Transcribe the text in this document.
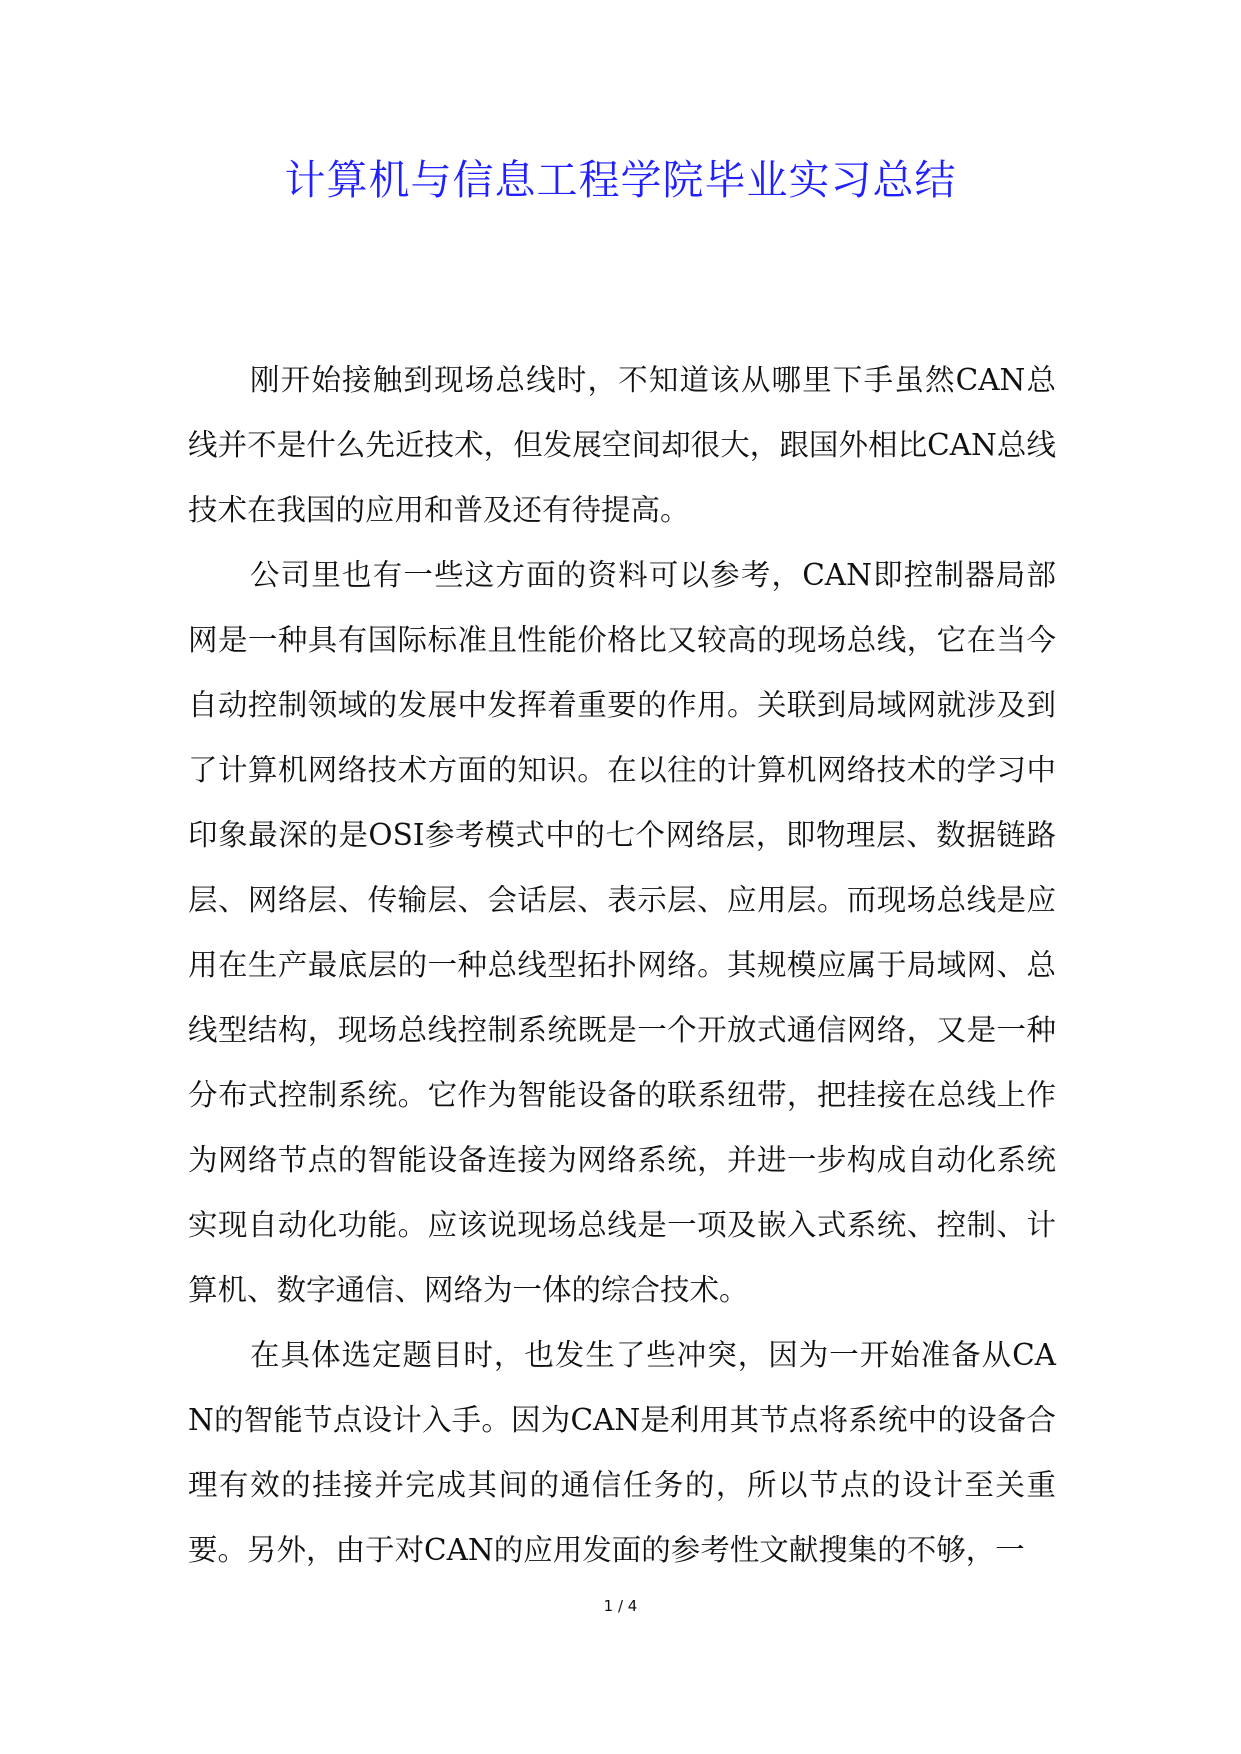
计算机与信息工程学院毕业实习总结

刚开始接触到现场总线时，不知道该从哪里下手虽然CAN总线并不是什么先近技术，但发展空间却很大，跟国外相比CAN总线技术在我国的应用和普及还有待提高。

公司里也有一些这方面的资料可以参考，CAN即控制器局部网是一种具有国际标准且性能价格比又较高的现场总线，它在当今自动控制领域的发展中发挥着重要的作用。关联到局域网就涉及到了计算机网络技术方面的知识。在以往的计算机网络技术的学习中印象最深的是OSI参考模式中的七个网络层，即物理层、数据链路层、网络层、传输层、会话层、表示层、应用层。而现场总线是应用在生产最底层的一种总线型拓扑网络。其规模应属于局域网、总线型结构，现场总线控制系统既是一个开放式通信网络，又是一种分布式控制系统。它作为智能设备的联系纽带，把挂接在总线上作为网络节点的智能设备连接为网络系统，并进一步构成自动化系统实现自动化功能。应该说现场总线是一项及嵌入式系统、控制、计算机、数字通信、网络为一体的综合技术。

在具体选定题目时，也发生了些冲突，因为一开始准备从CAN的智能节点设计入手。因为CAN是利用其节点将系统中的设备合理有效的挂接并完成其间的通信任务的，所以节点的设计至关重要。另外，由于对CAN的应用发面的参考性文献搜集的不够，一

1 / 4
